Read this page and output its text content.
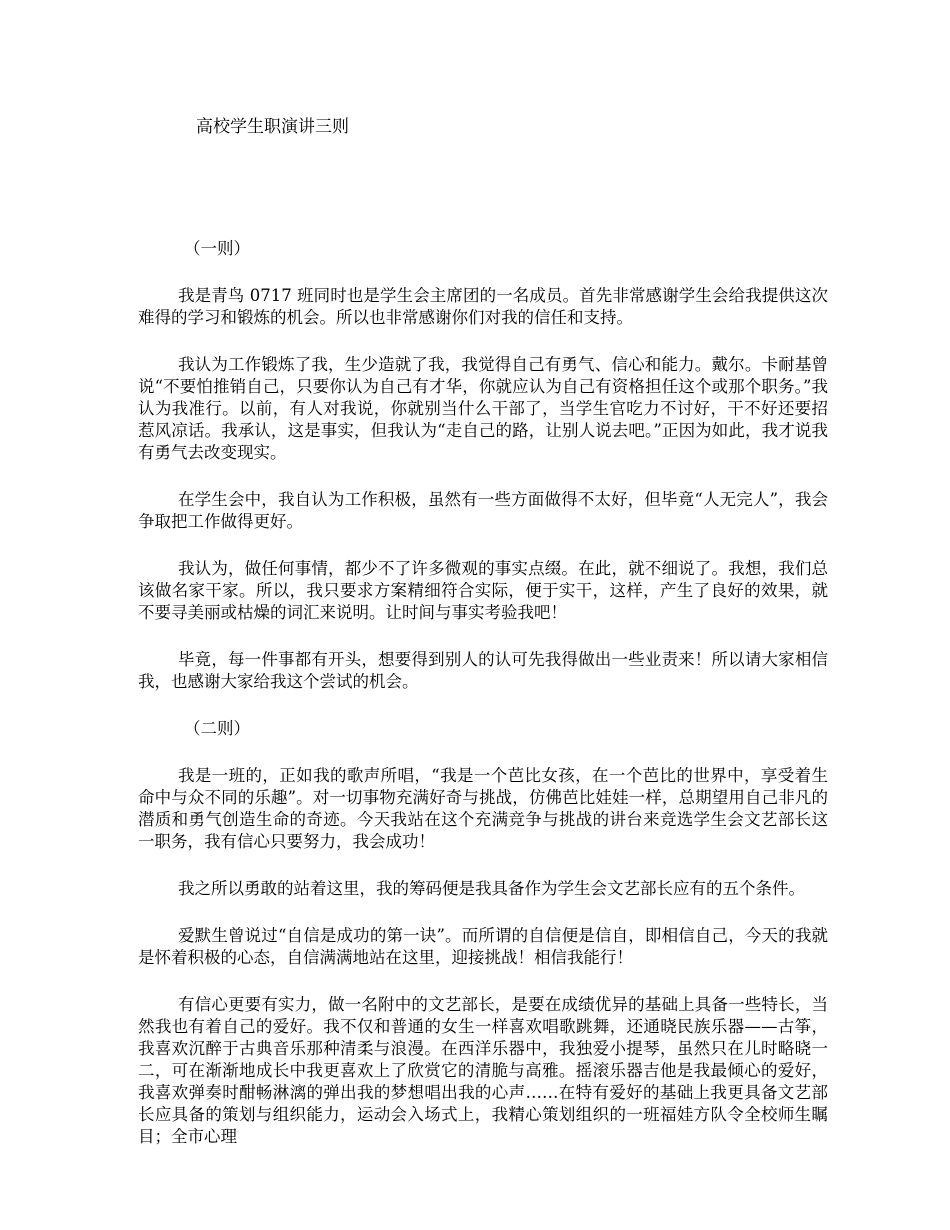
高校学生职演讲三则
（一则）

我是青鸟 0717 班同时也是学生会主席团的一名成员。首先非常感谢学生会给我提供这次难得的学习和锻炼的机会。所以也非常感谢你们对我的信任和支持。

我认为工作锻炼了我，生少造就了我，我觉得自己有勇气、信心和能力。戴尔。卡耐基曾说“不要怕推销自己，只要你认为自己有才华，你就应认为自己有资格担任这个或那个职务。”我认为我准行。以前，有人对我说，你就别当什么干部了，当学生官吃力不讨好，干不好还要招惹风凉话。我承认，这是事实，但我认为“走自己的路，让别人说去吧。”正因为如此，我才说我有勇气去改变现实。

在学生会中，我自认为工作积极，虽然有一些方面做得不太好，但毕竟“人无完人”，我会争取把工作做得更好。

我认为，做任何事情，都少不了许多微观的事实点缀。在此，就不细说了。我想，我们总该做名家干家。所以，我只要求方案精细符合实际，便于实干，这样，产生了良好的效果，就不要寻美丽或枯燥的词汇来说明。让时间与事实考验我吧！

毕竟，每一件事都有开头，想要得到别人的认可先我得做出一些业责来！所以请大家相信我，也感谢大家给我这个尝试的机会。

（二则）

我是一班的，正如我的歌声所唱，“我是一个芭比女孩，在一个芭比的世界中，享受着生命中与众不同的乐趣”。对一切事物充满好奇与挑战，仿佛芭比娃娃一样，总期望用自己非凡的潜质和勇气创造生命的奇迹。今天我站在这个充满竞争与挑战的讲台来竞选学生会文艺部长这一职务，我有信心只要努力，我会成功！

我之所以勇敢的站着这里，我的筹码便是我具备作为学生会文艺部长应有的五个条件。

爱默生曾说过“自信是成功的第一诀”。而所谓的自信便是信自，即相信自己，今天的我就是怀着积极的心态，自信满满地站在这里，迎接挑战！相信我能行！

有信心更要有实力，做一名附中的文艺部长，是要在成绩优异的基础上具备一些特长，当然我也有着自己的爱好。我不仅和普通的女生一样喜欢唱歌跳舞，还通晓民族乐器——古筝，我喜欢沉醉于古典音乐那种清柔与浪漫。在西洋乐器中，我独爱小提琴，虽然只在儿时略晓一二，可在渐渐地成长中我更喜欢上了欣赏它的清脆与高雅。摇滚乐器吉他是我最倾心的爱好，我喜欢弹奏时酣畅淋漓的弹出我的梦想唱出我的心声……在特有爱好的基础上我更具备文艺部长应具备的策划与组织能力，运动会入场式上，我精心策划组织的一班福娃方队令全校师生瞩目；全市心理
